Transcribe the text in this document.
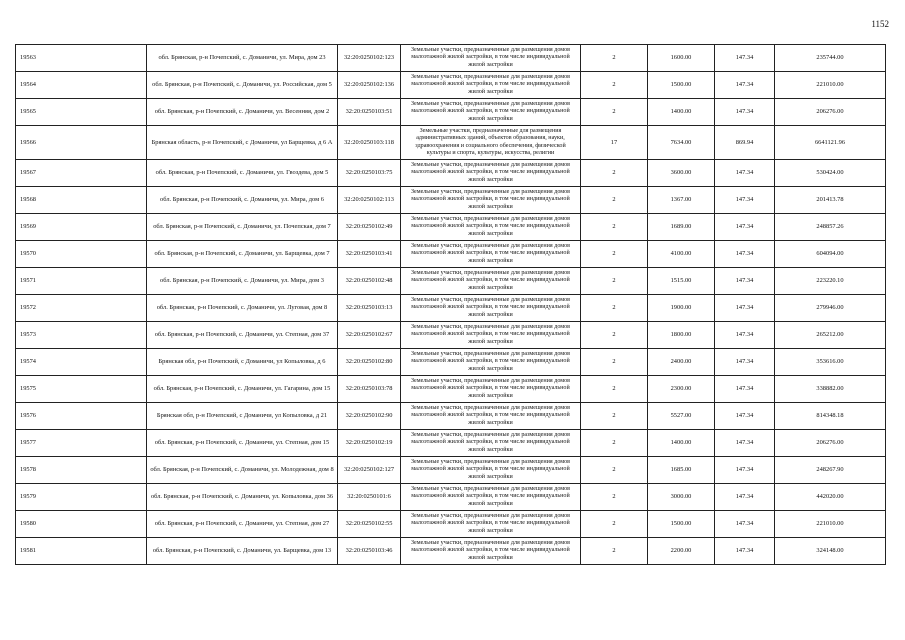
1152
19563	обл. Брянская, р-н Почепский, с. Доманичи, ул. Мира, дом 23	32:20:0250102:123	Земельные участки, предназначенные для размещения домов малоэтажной жилой застройки, в том числе индивидуальной жилой застройки	2	1600.00	147.34	235744.00
19564	обл. Брянская, р-н Почепский, с. Доманичи, ул. Российская, дом 5	32:20:0250102:136	Земельные участки, предназначенные для размещения домов малоэтажной жилой застройки, в том числе индивидуальной жилой застройки	2	1500.00	147.34	221010.00
19565	обл. Брянская, р-н Почепский, с. Доманичи, ул. Весенняя, дом 2	32:20:0250103:51	Земельные участки, предназначенные для размещения домов малоэтажной жилой застройки, в том числе индивидуальной жилой застройки	2	1400.00	147.34	206276.00
19566	Брянская область, р-н Почепский, с Доманичи, ул Барщевка, д 6 А	32:20:0250103:118	Земельные участки, предназначенные для размещения административных зданий, объектов образования, науки, здравоохранения и социального обеспечения, физической культуры и спорта, культуры, искусства, религии	17	7634.00	869.94	6641121.96
19567	обл. Брянская, р-н Почепский, с. Доманичи, ул. Гвоздева, дом 5	32:20:0250103:75	Земельные участки, предназначенные для размещения домов малоэтажной жилой застройки, в том числе индивидуальной жилой застройки	2	3600.00	147.34	530424.00
19568	обл. Брянская, р-н Почепский, с. Доманичи, ул. Мира, дом 6	32:20:0250102:113	Земельные участки, предназначенные для размещения домов малоэтажной жилой застройки, в том числе индивидуальной жилой застройки	2	1367.00	147.34	201413.78
19569	обл. Брянская, р-н Почепский, с. Доманичи, ул. Почепская, дом 7	32:20:0250102:49	Земельные участки, предназначенные для размещения домов малоэтажной жилой застройки, в том числе индивидуальной жилой застройки	2	1689.00	147.34	248857.26
19570	обл. Брянская, р-н Почепский, с. Доманичи, ул. Барщевка, дом 7	32:20:0250103:41	Земельные участки, предназначенные для размещения домов малоэтажной жилой застройки, в том числе индивидуальной жилой застройки	2	4100.00	147.34	604094.00
19571	обл. Брянская, р-н Почепский, с. Доманичи, ул. Мира, дом 3	32:20:0250102:48	Земельные участки, предназначенные для размещения домов малоэтажной жилой застройки, в том числе индивидуальной жилой застройки	2	1515.00	147.34	223220.10
19572	обл. Брянская, р-н Почепский, с. Доманичи, ул. Луговая, дом 8	32:20:0250103:13	Земельные участки, предназначенные для размещения домов малоэтажной жилой застройки, в том числе индивидуальной жилой застройки	2	1900.00	147.34	279946.00
19573	обл. Брянская, р-н Почепский, с. Доманичи, ул. Степная, дом 37	32:20:0250102:67	Земельные участки, предназначенные для размещения домов малоэтажной жилой застройки, в том числе индивидуальной жилой застройки	2	1800.00	147.34	265212.00
19574	Брянская обл, р-н Почепский, с Доманичи, ул Копыловка, д 6	32:20:0250102:80	Земельные участки, предназначенные для размещения домов малоэтажной жилой застройки, в том числе индивидуальной жилой застройки	2	2400.00	147.34	353616.00
19575	обл. Брянская, р-н Почепский, с. Доманичи, ул. Гагарина, дом 15	32:20:0250103:78	Земельные участки, предназначенные для размещения домов малоэтажной жилой застройки, в том числе индивидуальной жилой застройки	2	2300.00	147.34	338882.00
19576	Брянская обл, р-н Почепский, с Доманичи, ул Копыловка, д 21	32:20:0250102:90	Земельные участки, предназначенные для размещения домов малоэтажной жилой застройки, в том числе индивидуальной жилой застройки	2	5527.00	147.34	814348.18
19577	обл. Брянская, р-н Почепский, с. Доманичи, ул. Степная, дом 15	32:20:0250102:19	Земельные участки, предназначенные для размещения домов малоэтажной жилой застройки, в том числе индивидуальной жилой застройки	2	1400.00	147.34	206276.00
19578	обл. Брянская, р-н Почепский, с. Доманичи, ул. Молодежная, дом 8	32:20:0250102:127	Земельные участки, предназначенные для размещения домов малоэтажной жилой застройки, в том числе индивидуальной жилой застройки	2	1685.00	147.34	248267.90
19579	обл. Брянская, р-н Почепский, с. Доманичи, ул. Копыловка, дом 36	32:20:0250101:6	Земельные участки, предназначенные для размещения домов малоэтажной жилой застройки, в том числе индивидуальной жилой застройки	2	3000.00	147.34	442020.00
19580	обл. Брянская, р-н Почепский, с. Доманичи, ул. Степная, дом 27	32:20:0250102:55	Земельные участки, предназначенные для размещения домов малоэтажной жилой застройки, в том числе индивидуальной жилой застройки	2	1500.00	147.34	221010.00
19581	обл. Брянская, р-н Почепский, с. Доманичи, ул. Барщевка, дом 13	32:20:0250103:46	Земельные участки, предназначенные для размещения домов малоэтажной жилой застройки, в том числе индивидуальной жилой застройки	2	2200.00	147.34	324148.00
